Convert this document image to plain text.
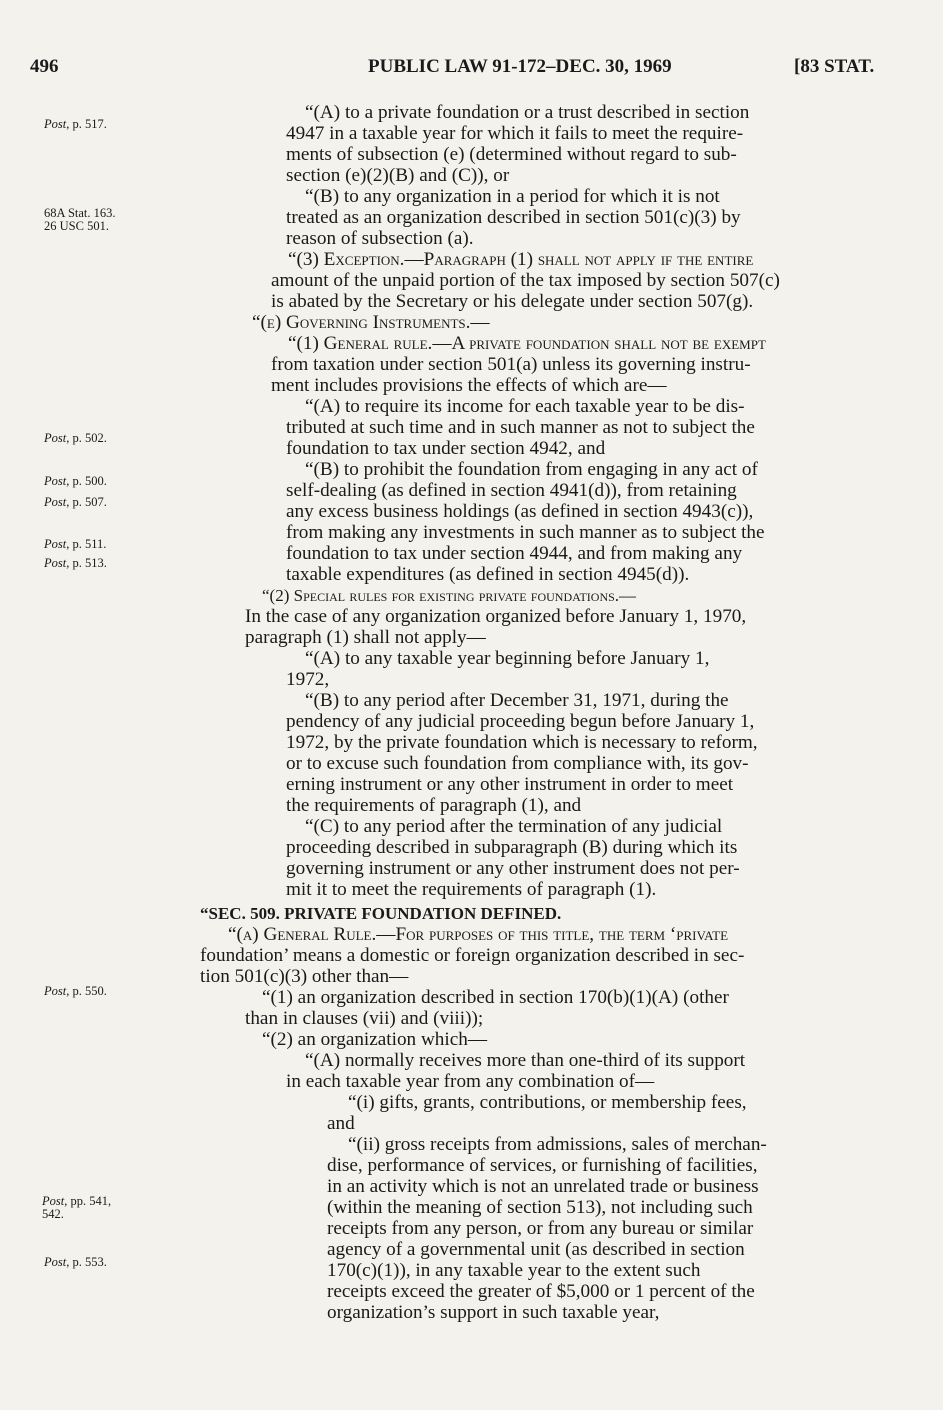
496	PUBLIC LAW 91-172–DEC. 30, 1969	[83 STAT.
Post, p. 517.
68A Stat. 163.
26 USC 501.
Post, p. 502.
Post, p. 500.
Post, p. 507.
Post, p. 511.
Post, p. 513.
Post, p. 550.
Post, pp. 541,
542.
Post, p. 553.
“(A) to a private foundation or a trust described in section
4947 in a taxable year for which it fails to meet the require-
ments of subsection (e) (determined without regard to sub-
section (e)(2)(B) and (C)), or
“(B) to any organization in a period for which it is not
treated as an organization described in section 501(c)(3) by
reason of subsection (a).
“(3) Exception.—Paragraph (1) shall not apply if the entire
amount of the unpaid portion of the tax imposed by section 507(c)
is abated by the Secretary or his delegate under section 507(g).
“(e) Governing Instruments.—
“(1) General rule.—A private foundation shall not be exempt
from taxation under section 501(a) unless its governing instru-
ment includes provisions the effects of which are—
“(A) to require its income for each taxable year to be dis-
tributed at such time and in such manner as not to subject the
foundation to tax under section 4942, and
“(B) to prohibit the foundation from engaging in any act of
self-dealing (as defined in section 4941(d)), from retaining
any excess business holdings (as defined in section 4943(c)),
from making any investments in such manner as to subject the
foundation to tax under section 4944, and from making any
taxable expenditures (as defined in section 4945(d)).
“(2) Special rules for existing private foundations.—
In the case of any organization organized before January 1, 1970,
paragraph (1) shall not apply—
“(A) to any taxable year beginning before January 1,
1972,
“(B) to any period after December 31, 1971, during the
pendency of any judicial proceeding begun before January 1,
1972, by the private foundation which is necessary to reform,
or to excuse such foundation from compliance with, its gov-
erning instrument or any other instrument in order to meet
the requirements of paragraph (1), and
“(C) to any period after the termination of any judicial
proceeding described in subparagraph (B) during which its
governing instrument or any other instrument does not per-
mit it to meet the requirements of paragraph (1).
“SEC. 509. PRIVATE FOUNDATION DEFINED.
“(a) General Rule.—For purposes of this title, the term ‘private
foundation’ means a domestic or foreign organization described in sec-
tion 501(c)(3) other than—
“(1) an organization described in section 170(b)(1)(A) (other
than in clauses (vii) and (viii));
“(2) an organization which—
“(A) normally receives more than one-third of its support
in each taxable year from any combination of—
“(i) gifts, grants, contributions, or membership fees,
and
“(ii) gross receipts from admissions, sales of merchan-
dise, performance of services, or furnishing of facilities,
in an activity which is not an unrelated trade or business
(within the meaning of section 513), not including such
receipts from any person, or from any bureau or similar
agency of a governmental unit (as described in section
170(c)(1)), in any taxable year to the extent such
receipts exceed the greater of $5,000 or 1 percent of the
organization’s support in such taxable year,
